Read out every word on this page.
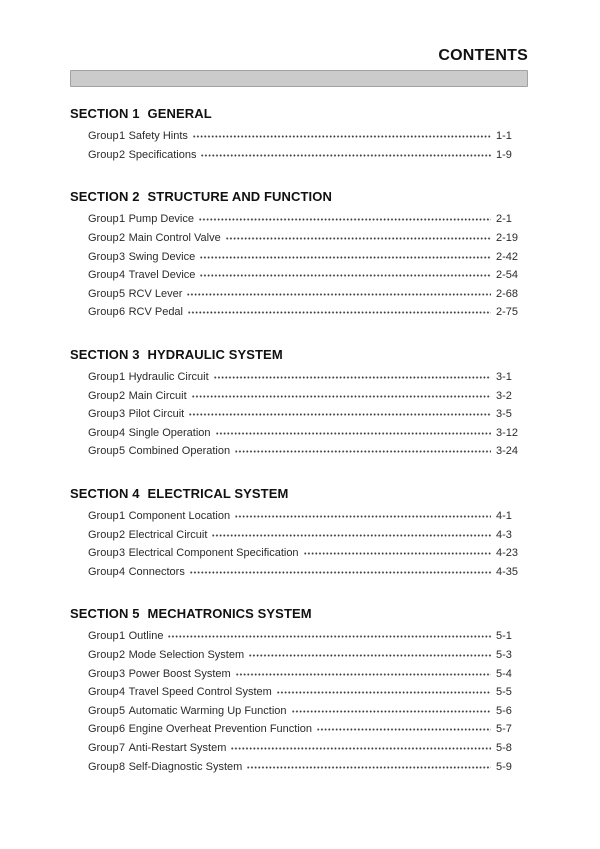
CONTENTS
SECTION 1 GENERAL
Group 1 Safety Hints	1-1
Group 2 Specifications	1-9
SECTION 2 STRUCTURE AND FUNCTION
Group 1 Pump Device	2-1
Group 2 Main Control Valve	2-19
Group 3 Swing Device	2-42
Group 4 Travel Device	2-54
Group 5 RCV Lever	2-68
Group 6 RCV Pedal	2-75
SECTION 3 HYDRAULIC SYSTEM
Group 1 Hydraulic Circuit	3-1
Group 2 Main Circuit	3-2
Group 3 Pilot Circuit	3-5
Group 4 Single Operation	3-12
Group 5 Combined Operation	3-24
SECTION 4 ELECTRICAL SYSTEM
Group 1 Component Location	4-1
Group 2 Electrical Circuit	4-3
Group 3 Electrical Component Specification	4-23
Group 4 Connectors	4-35
SECTION 5 MECHATRONICS SYSTEM
Group 1 Outline	5-1
Group 2 Mode Selection System	5-3
Group 3 Power Boost System	5-4
Group 4 Travel Speed Control System	5-5
Group 5 Automatic Warming Up Function	5-6
Group 6 Engine Overheat Prevention Function	5-7
Group 7 Anti-Restart System	5-8
Group 8 Self-Diagnostic System	5-9
